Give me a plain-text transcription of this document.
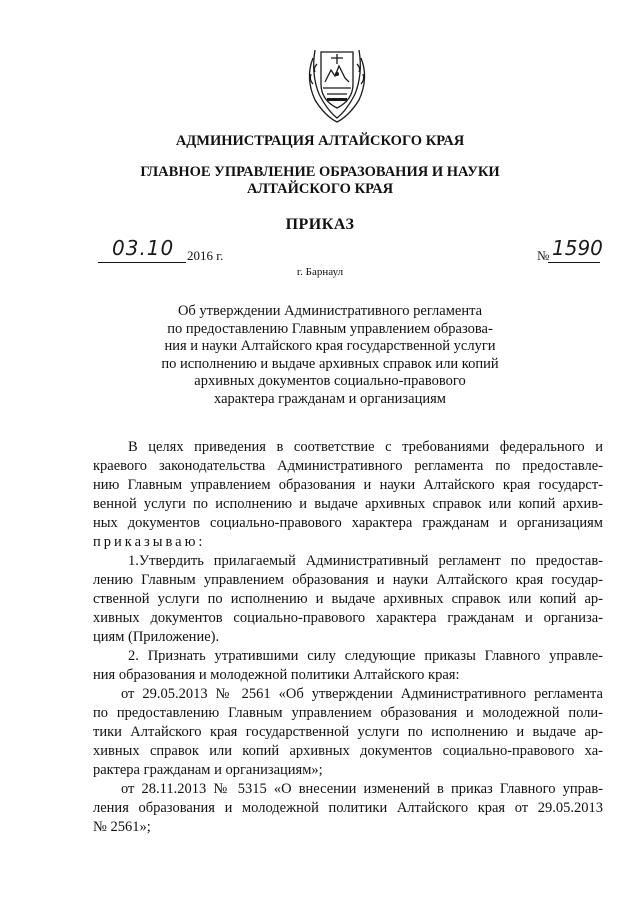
АДМИНИСТРАЦИЯ АЛТАЙСКОГО КРАЯ
ГЛАВНОЕ УПРАВЛЕНИЕ ОБРАЗОВАНИЯ И НАУКИ
АЛТАЙСКОГО КРАЯ
ПРИКАЗ
03.10 2016 г.	№ 1590
г. Барнаул
Об утверждении Административного регламента
по предоставлению Главным управлением образова-
ния и науки Алтайского края государственной услуги
по исполнению и выдаче архивных справок или копий
архивных документов социально-правового
характера гражданам и организациям
В целях приведения в соответствие с требованиями федерального и
краевого законодательства Административного регламента по предоставле-
нию Главным управлением образования и науки Алтайского края государст-
венной услуги по исполнению и выдаче архивных справок или копий архив-
ных документов социально-правового характера гражданам и организациям
приказываю:
1.Утвердить прилагаемый Административный регламент по предостав-
лению Главным управлением образования и науки Алтайского края государ-
ственной услуги по исполнению и выдаче архивных справок или копий ар-
хивных документов социально-правового характера гражданам и организа-
циям (Приложение).
2. Признать утратившими силу следующие приказы Главного управле-
ния образования и молодежной политики Алтайского края:
от 29.05.2013 № 2561 «Об утверждении Административного регламента
по предоставлению Главным управлением образования и молодежной поли-
тики Алтайского края государственной услуги по исполнению и выдаче ар-
хивных справок или копий архивных документов социально-правового ха-
рактера гражданам и организациям»;
от 28.11.2013 № 5315 «О внесении изменений в приказ Главного управ-
ления образования и молодежной политики Алтайского края от 29.05.2013
№ 2561»;
